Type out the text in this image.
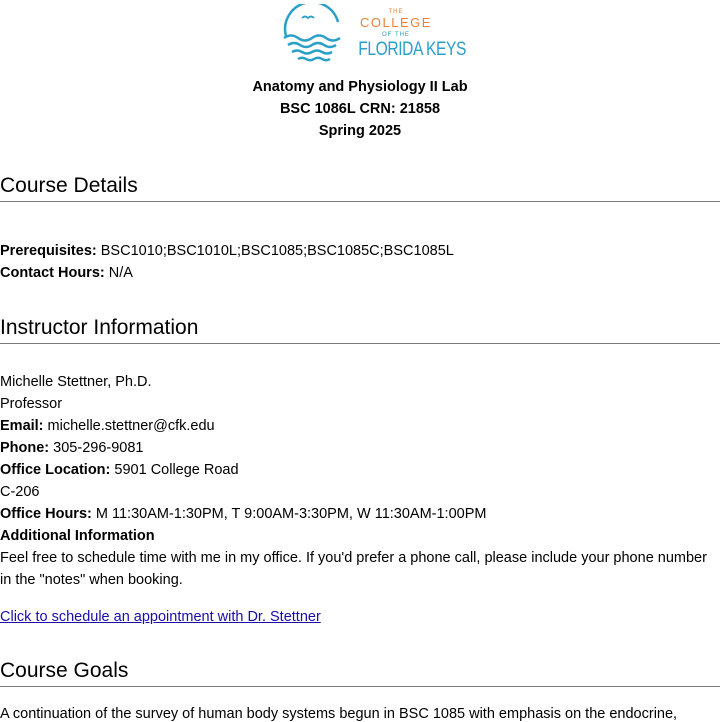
THE
COLLEGE
OF THE
FLORIDA KEYS
Anatomy and Physiology II Lab
BSC 1086L CRN: 21858
Spring 2025
Course Details
Prerequisites: BSC1010;BSC1010L;BSC1085;BSC1085C;BSC1085L
Contact Hours: N/A
Instructor Information
Michelle Stettner, Ph.D.
Professor
Email: michelle.stettner@cfk.edu
Phone: 305-296-9081
Office Location: 5901 College Road
C-206
Office Hours: M 11:30AM-1:30PM, T 9:00AM-3:30PM, W 11:30AM-1:00PM
Additional Information
Feel free to schedule time with me in my office. If you'd prefer a phone call, please include your phone number in the "notes" when booking.
Click to schedule an appointment with Dr. Stettner
Course Goals
A continuation of the survey of human body systems begun in BSC 1085 with emphasis on the endocrine,
